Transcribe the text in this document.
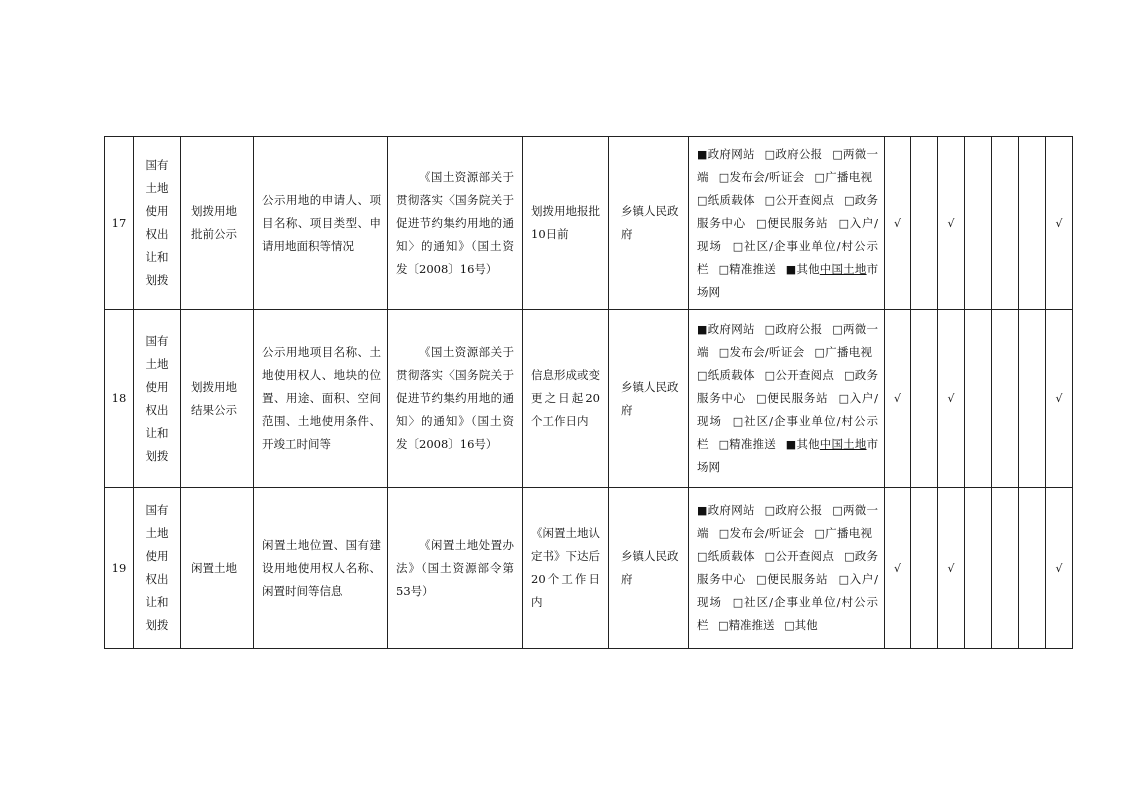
17	国有土地使用权出让和划拨	划拨用地批前公示	公示用地的申请人、项目名称、项目类型、申请用地面积等情况	《国土资源部关于贯彻落实〈国务院关于促进节约集约用地的通知〉的通知》（国土资发〔2008〕16号）	划拨用地报批10日前	乡镇人民政府	■政府网站 □政府公报 □两微一端 □发布会/听证会 □广播电视 □纸质载体 □公开查阅点 □政务服务中心 □便民服务站 □入户/现场 □社区/企事业单位/村公示栏 □精准推送 ■其他中国土地市场网	√		√				√
18	国有土地使用权出让和划拨	划拨用地结果公示	公示用地项目名称、土地使用权人、地块的位置、用途、面积、空间范围、土地使用条件、开竣工时间等	《国土资源部关于贯彻落实〈国务院关于促进节约集约用地的通知〉的通知》（国土资发〔2008〕16号）	信息形成或变更之日起20个工作日内	乡镇人民政府	■政府网站 □政府公报 □两微一端 □发布会/听证会 □广播电视 □纸质载体 □公开查阅点 □政务服务中心 □便民服务站 □入户/现场 □社区/企事业单位/村公示栏 □精准推送 ■其他中国土地市场网	√		√				√
19	国有土地使用权出让和划拨	闲置土地	闲置土地位置、国有建设用地使用权人名称、闲置时间等信息	《闲置土地处置办法》（国土资源部令第53号）	《闲置土地认定书》下达后20个工作日内	乡镇人民政府	■政府网站 □政府公报 □两微一端 □发布会/听证会 □广播电视 □纸质载体 □公开查阅点 □政务服务中心 □便民服务站 □入户/现场 □社区/企事业单位/村公示栏 □精准推送 □其他	√		√				√
